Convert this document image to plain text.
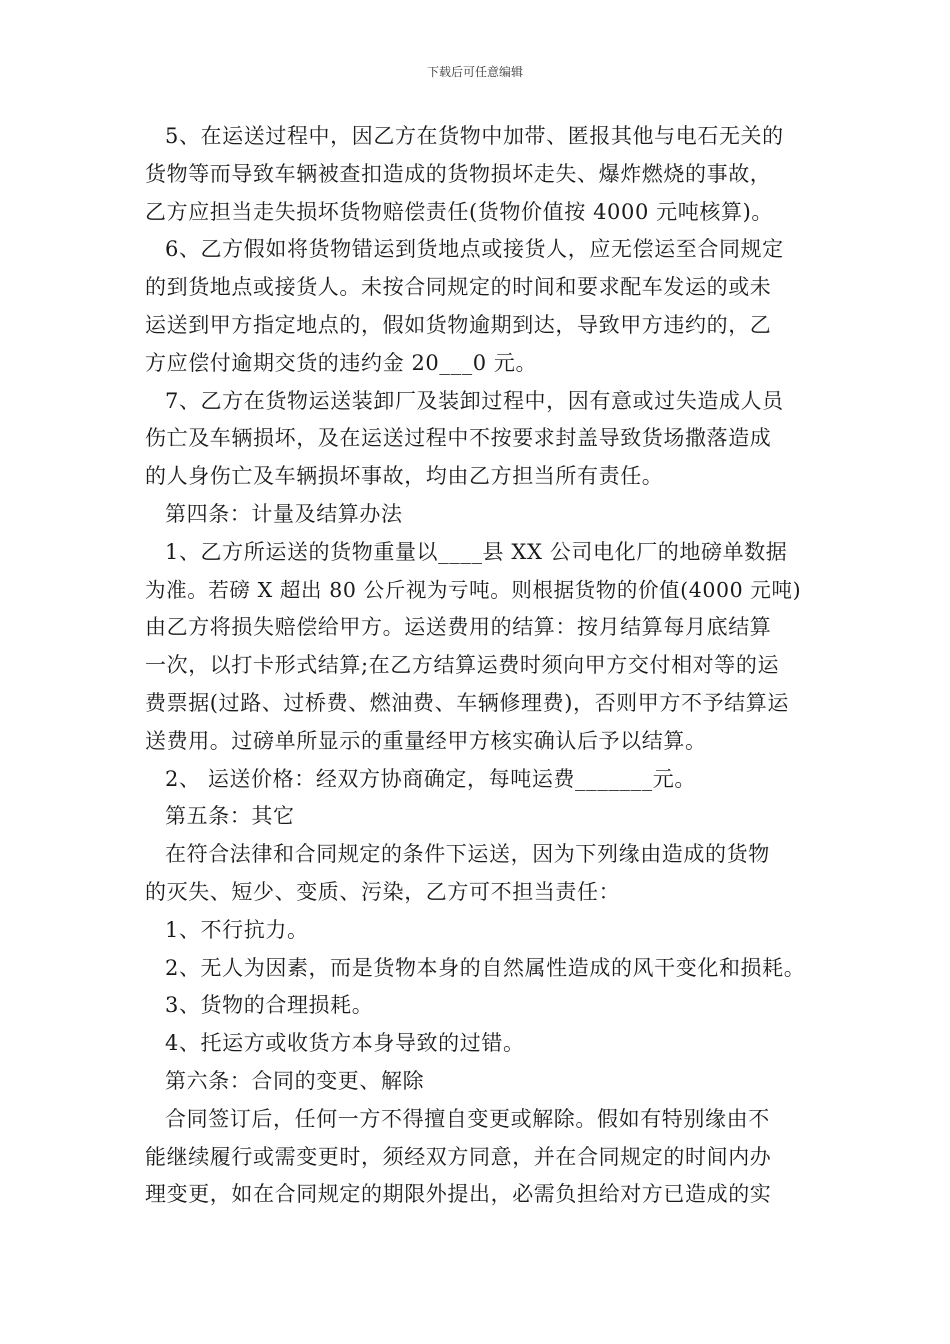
下载后可任意编辑
5、在运送过程中，因乙方在货物中加带、匿报其他与电石无关的
货物等而导致车辆被查扣造成的货物损坏走失、爆炸燃烧的事故，
乙方应担当走失损坏货物赔偿责任(货物价值按 4000 元吨核算)。
6、乙方假如将货物错运到货地点或接货人，应无偿运至合同规定
的到货地点或接货人。未按合同规定的时间和要求配车发运的或未
运送到甲方指定地点的，假如货物逾期到达，导致甲方违约的，乙
方应偿付逾期交货的违约金 20___0 元。
7、乙方在货物运送装卸厂及装卸过程中，因有意或过失造成人员
伤亡及车辆损坏，及在运送过程中不按要求封盖导致货场撒落造成
的人身伤亡及车辆损坏事故，均由乙方担当所有责任。
第四条：计量及结算办法
1、乙方所运送的货物重量以____县 XX 公司电化厂的地磅单数据
为准。若磅 X 超出 80 公斤视为亏吨。则根据货物的价值(4000 元吨)
由乙方将损失赔偿给甲方。运送费用的结算：按月结算每月底结算
一次，以打卡形式结算;在乙方结算运费时须向甲方交付相对等的运
费票据(过路、过桥费、燃油费、车辆修理费)，否则甲方不予结算运
送费用。过磅单所显示的重量经甲方核实确认后予以结算。
2、 运送价格：经双方协商确定，每吨运费_______元。
第五条：其它
在符合法律和合同规定的条件下运送，因为下列缘由造成的货物
的灭失、短少、变质、污染，乙方可不担当责任：
1、不行抗力。
2、无人为因素，而是货物本身的自然属性造成的风干变化和损耗。
3、货物的合理损耗。
4、托运方或收货方本身导致的过错。
第六条：合同的变更、解除
合同签订后，任何一方不得擅自变更或解除。假如有特别缘由不
能继续履行或需变更时，须经双方同意，并在合同规定的时间内办
理变更，如在合同规定的期限外提出，必需负担给对方已造成的实
